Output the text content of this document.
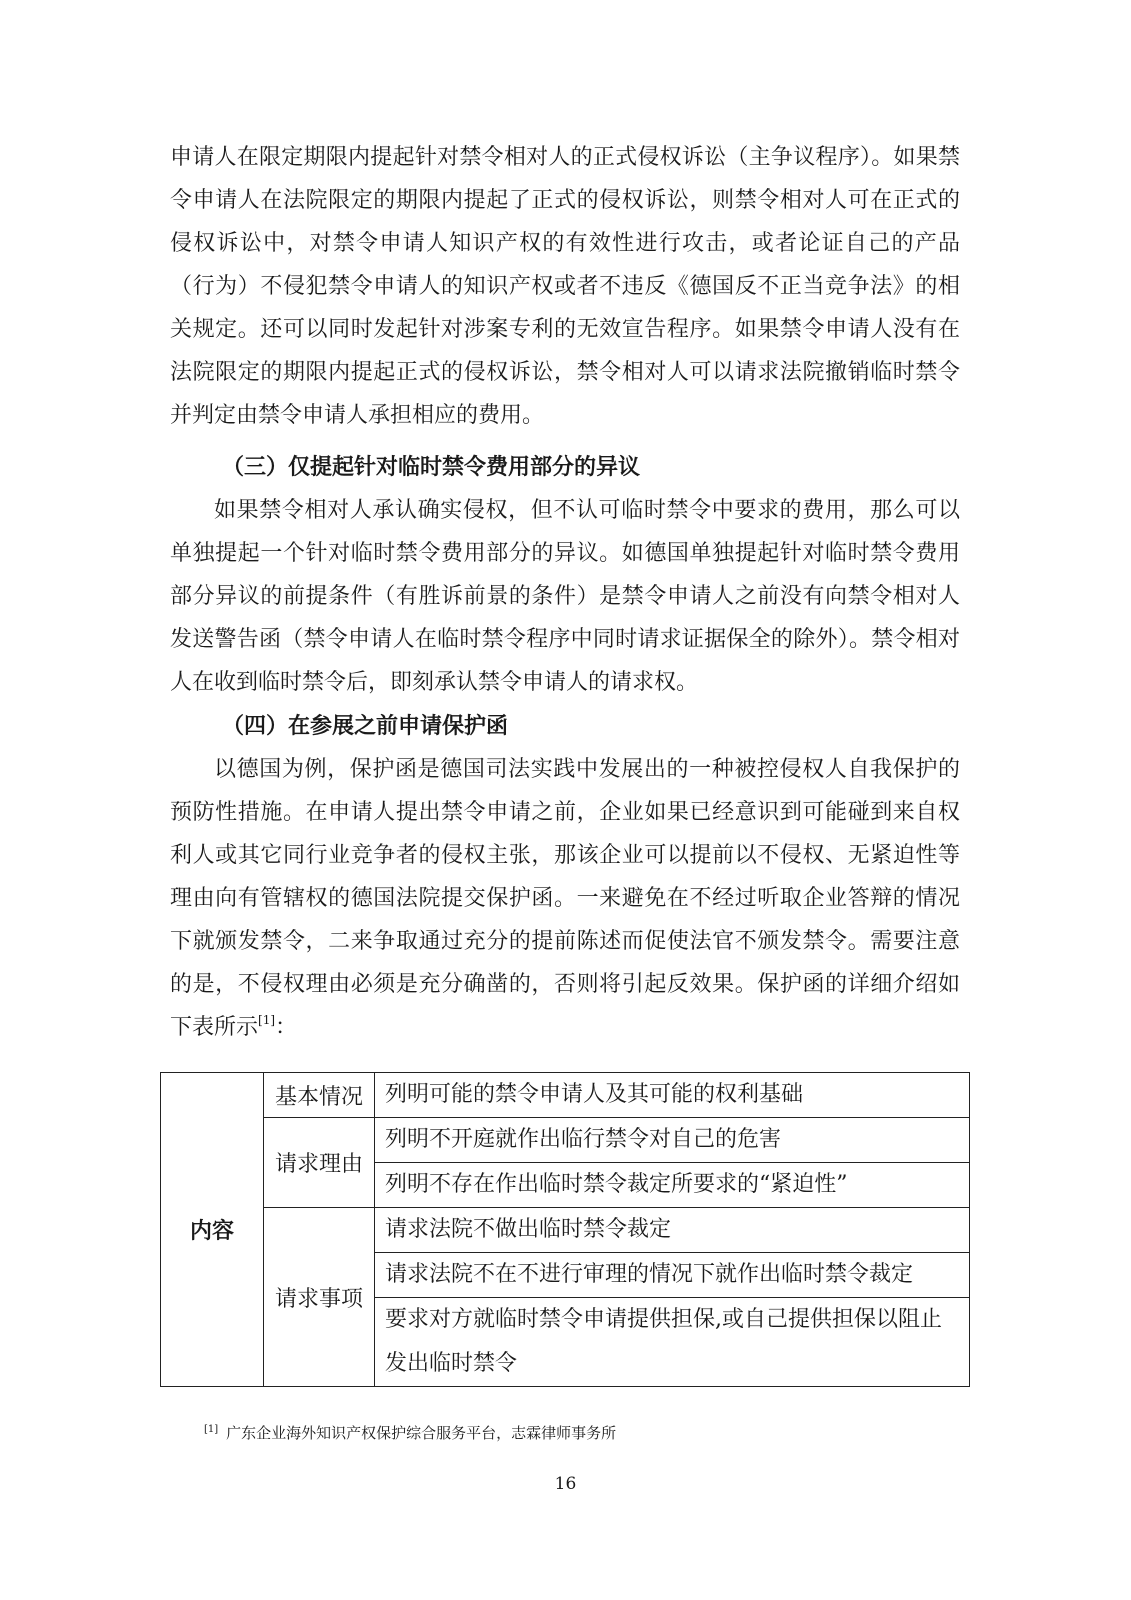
申请人在限定期限内提起针对禁令相对人的正式侵权诉讼（主争议程序）。如果禁令申请人在法院限定的期限内提起了正式的侵权诉讼，则禁令相对人可在正式的侵权诉讼中，对禁令申请人知识产权的有效性进行攻击，或者论证自己的产品（行为）不侵犯禁令申请人的知识产权或者不违反《德国反不正当竞争法》的相关规定。还可以同时发起针对涉案专利的无效宣告程序。如果禁令申请人没有在法院限定的期限内提起正式的侵权诉讼，禁令相对人可以请求法院撤销临时禁令并判定由禁令申请人承担相应的费用。

（三）仅提起针对临时禁令费用部分的异议

如果禁令相对人承认确实侵权，但不认可临时禁令中要求的费用，那么可以单独提起一个针对临时禁令费用部分的异议。如德国单独提起针对临时禁令费用部分异议的前提条件（有胜诉前景的条件）是禁令申请人之前没有向禁令相对人发送警告函（禁令申请人在临时禁令程序中同时请求证据保全的除外）。禁令相对人在收到临时禁令后，即刻承认禁令申请人的请求权。

（四）在参展之前申请保护函

以德国为例，保护函是德国司法实践中发展出的一种被控侵权人自我保护的预防性措施。在申请人提出禁令申请之前，企业如果已经意识到可能碰到来自权利人或其它同行业竞争者的侵权主张，那该企业可以提前以不侵权、无紧迫性等理由向有管辖权的德国法院提交保护函。一来避免在不经过听取企业答辩的情况下就颁发禁令，二来争取通过充分的提前陈述而促使法官不颁发禁令。需要注意的是，不侵权理由必须是充分确凿的，否则将引起反效果。保护函的详细介绍如下表所示[1]：

内容	基本情况	列明可能的禁令申请人及其可能的权利基础
	请求理由	列明不开庭就作出临行禁令对自己的危害
		列明不存在作出临时禁令裁定所要求的“紧迫性”
	请求事项	请求法院不做出临时禁令裁定
		请求法院不在不进行审理的情况下就作出临时禁令裁定
		要求对方就临时禁令申请提供担保,或自己提供担保以阻止发出临时禁令

[1] 广东企业海外知识产权保护综合服务平台，志霖律师事务所

16
